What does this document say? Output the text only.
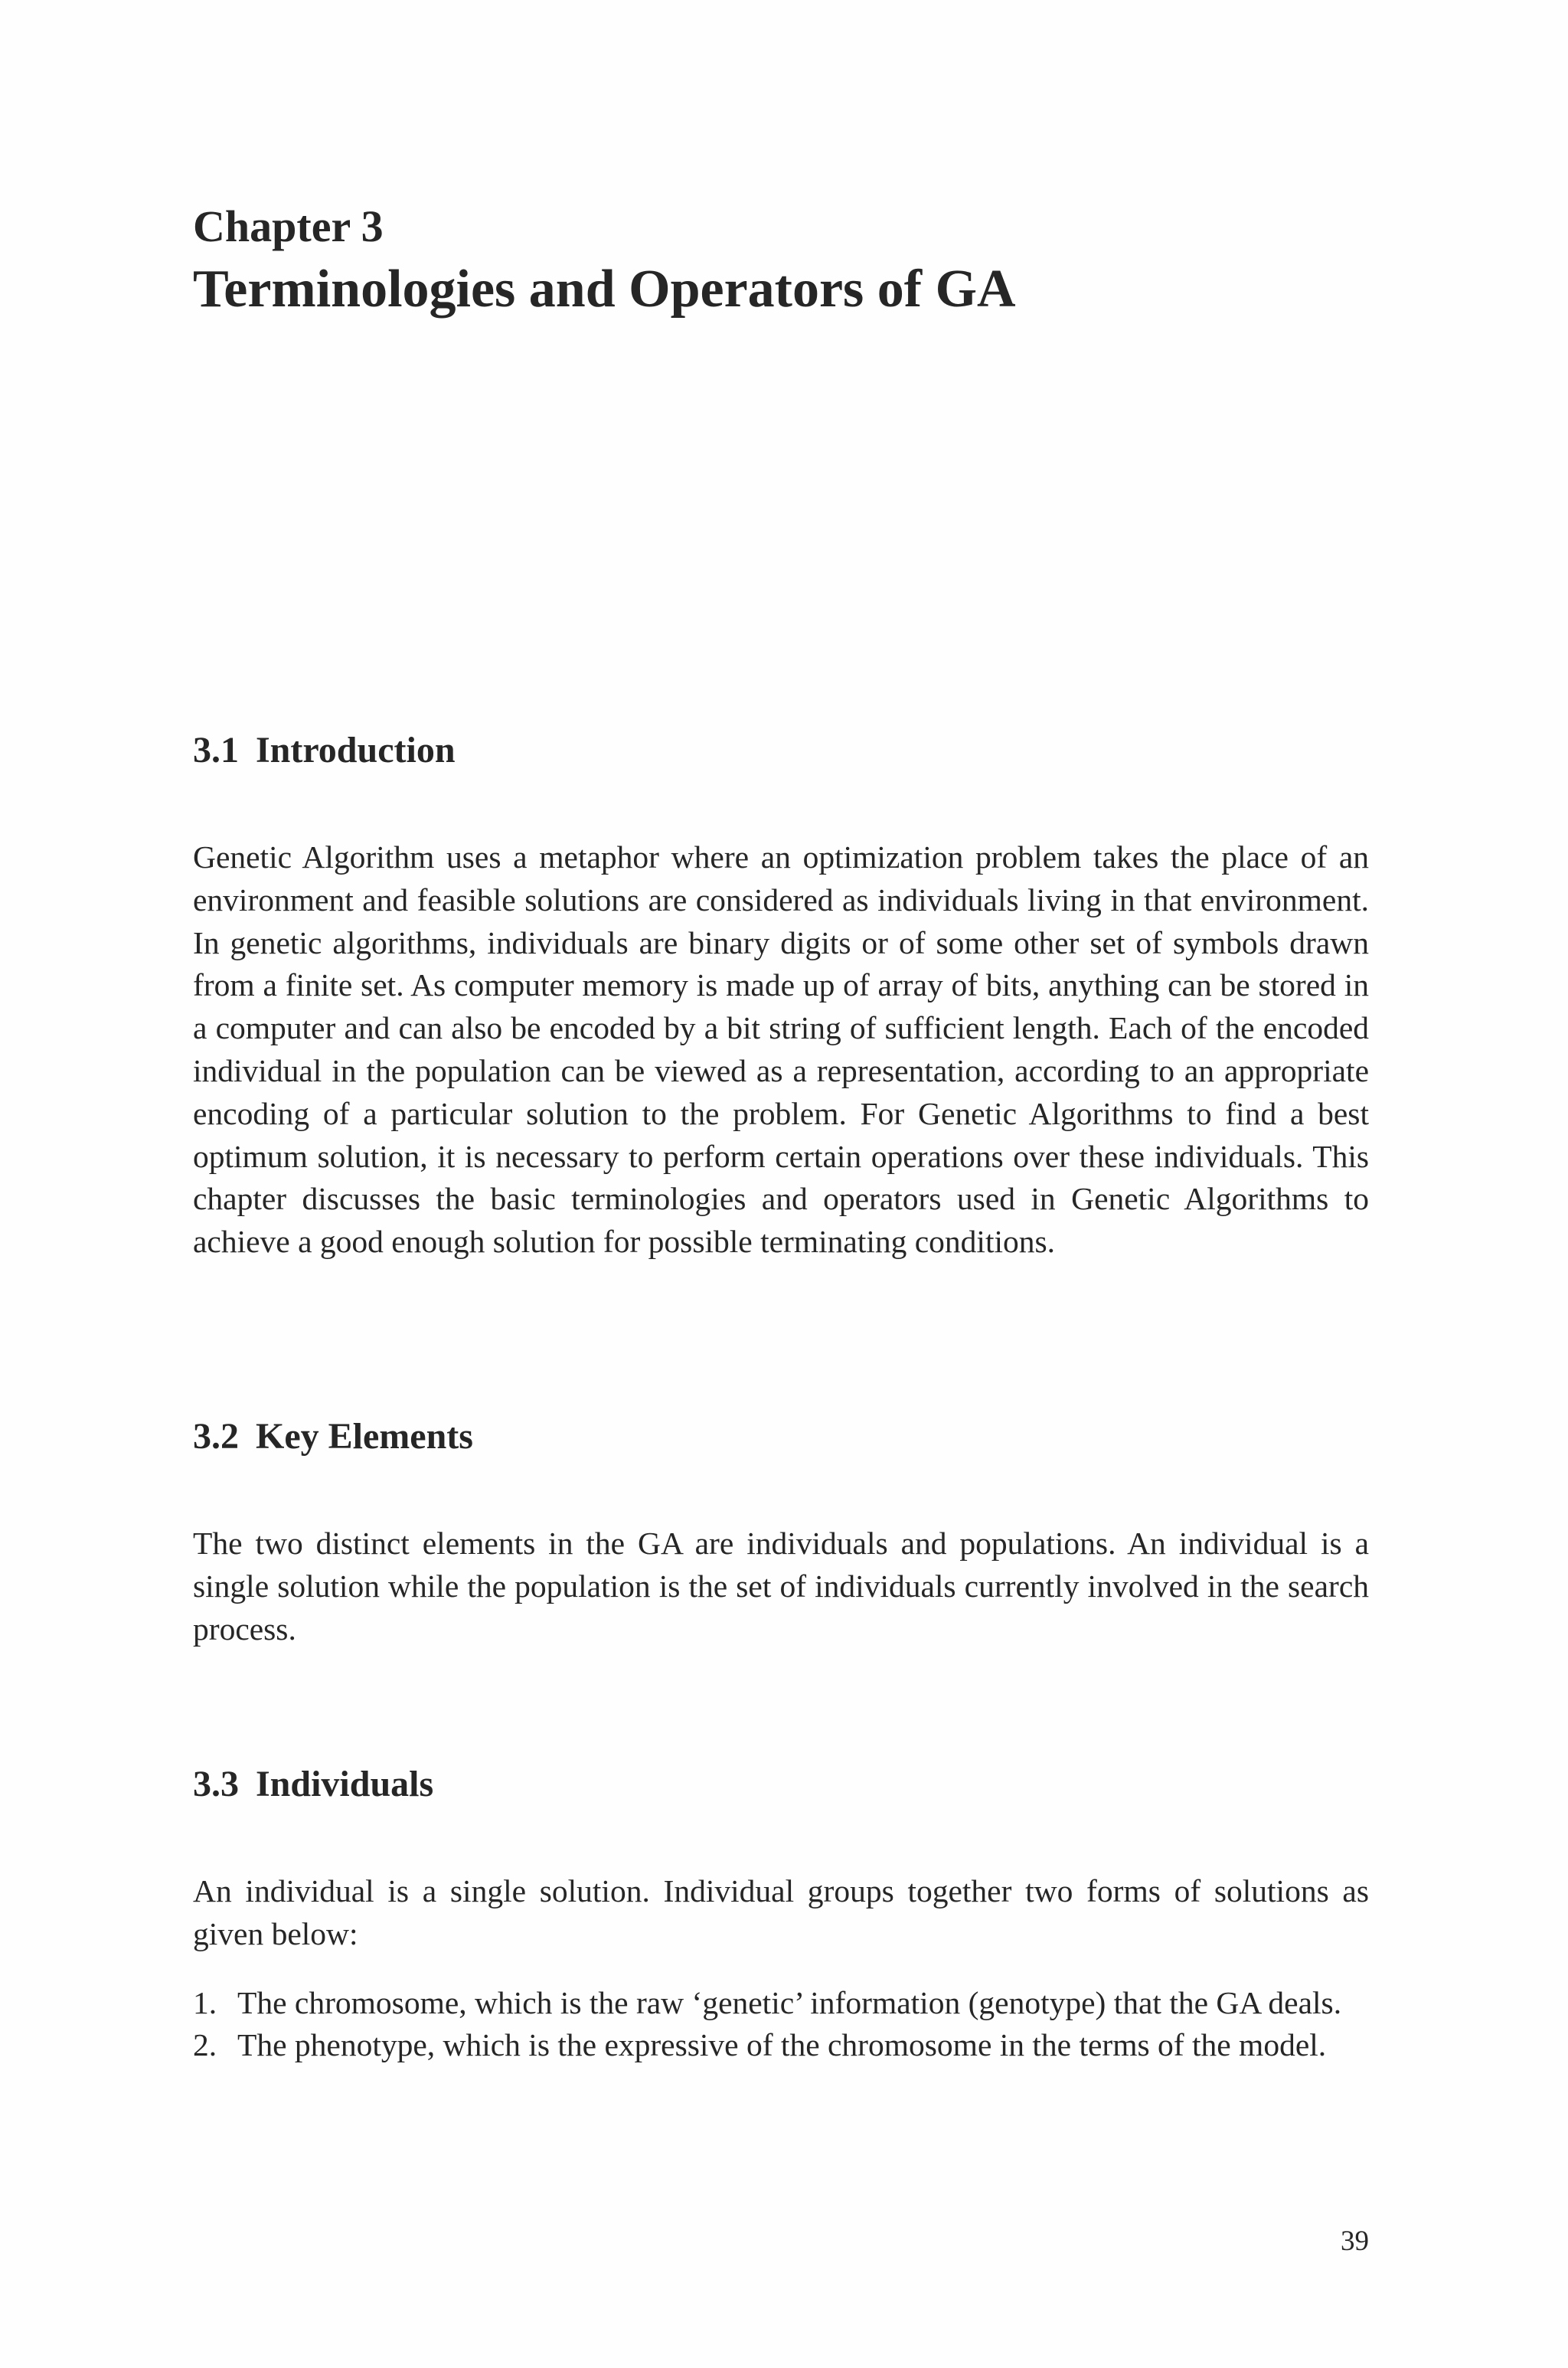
Chapter 3
Terminologies and Operators of GA
3.1 Introduction

Genetic Algorithm uses a metaphor where an optimization problem takes the place of an environment and feasible solutions are considered as individuals living in that environment. In genetic algorithms, individuals are binary digits or of some other set of symbols drawn from a finite set. As computer memory is made up of array of bits, anything can be stored in a computer and can also be encoded by a bit string of sufficient length. Each of the encoded individual in the population can be viewed as a representation, according to an appropriate encoding of a particular solution to the problem. For Genetic Algorithms to find a best optimum solution, it is necessary to perform certain operations over these individuals. This chapter discusses the basic terminologies and operators used in Genetic Algorithms to achieve a good enough solution for possible terminating conditions.

3.2 Key Elements

The two distinct elements in the GA are individuals and populations. An individual is a single solution while the population is the set of individuals currently involved in the search process.

3.3 Individuals

An individual is a single solution. Individual groups together two forms of solutions as given below:

1. The chromosome, which is the raw ‘genetic’ information (genotype) that the GA deals.
2. The phenotype, which is the expressive of the chromosome in the terms of the model.

39
